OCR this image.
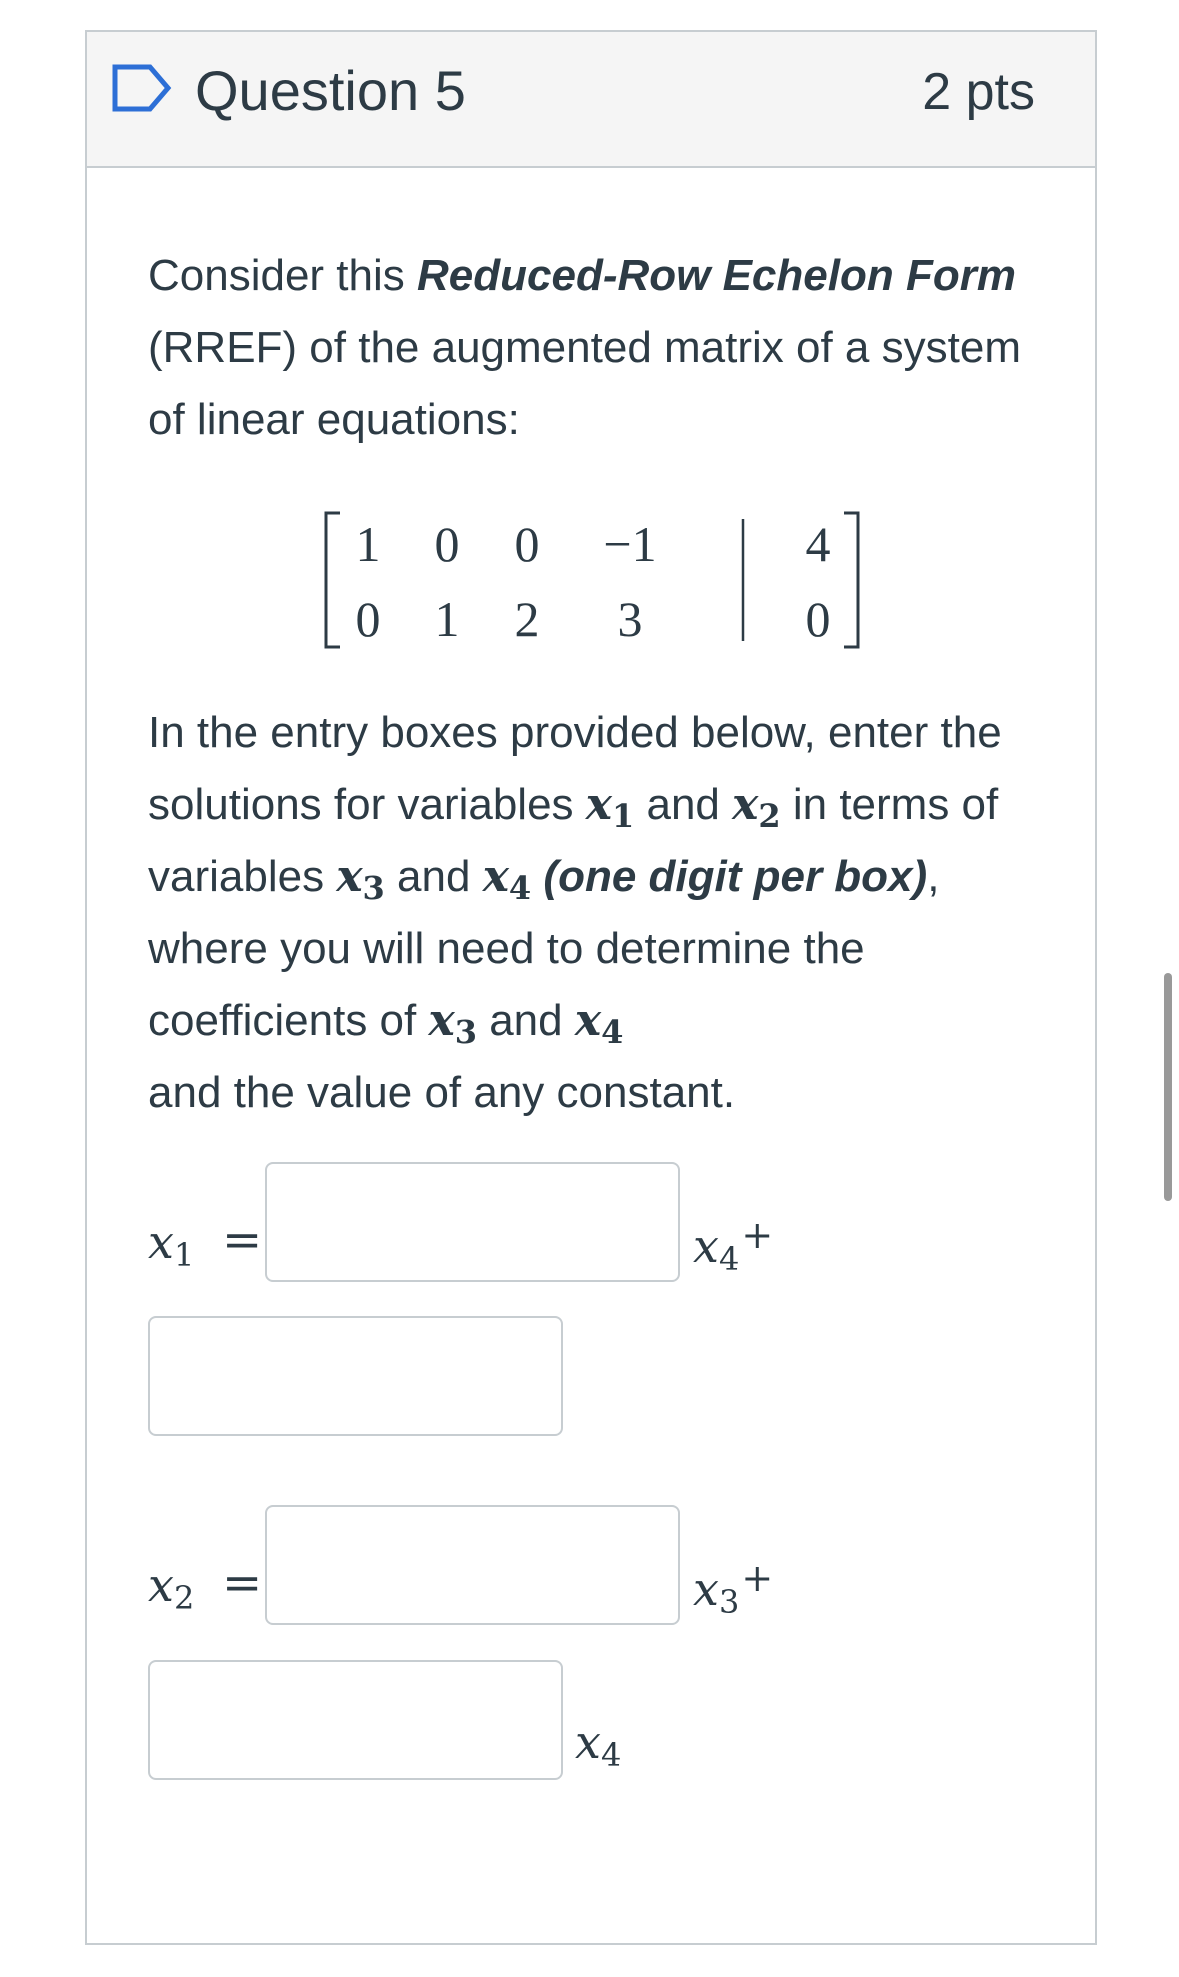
Question 5	2 pts

Consider this Reduced-Row Echelon Form
(RREF) of the augmented matrix of a system of linear equations:

1 0 0 −1	4
0 1 2 3	0

In the entry boxes provided below, enter the solutions for variables $x_1$ and $x_2$ in terms of variables $x_3$ and $x_4$ (one digit per box), where you will need to determine the coefficients of $x_3$ and $x_4$
and the value of any constant.

$x_1$ =	$x_4^+$
$x_2$ =	$x_3^+$
$x_4$
